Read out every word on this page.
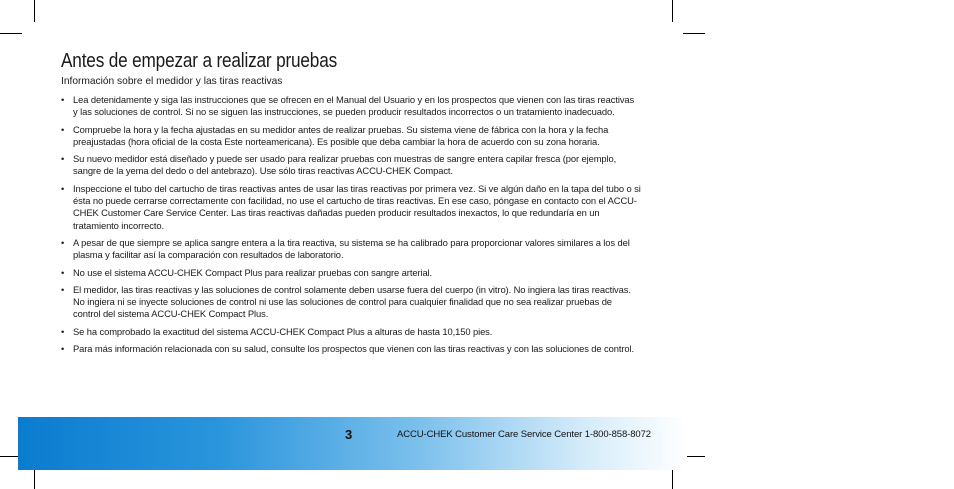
Antes de empezar a realizar pruebas
Información sobre el medidor y las tiras reactivas
• Lea detenidamente y siga las instrucciones que se ofrecen en el Manual del Usuario y en los prospectos que vienen con las tiras reactivas y las soluciones de control. Si no se siguen las instrucciones, se pueden producir resultados incorrectos o un tratamiento inadecuado.
• Compruebe la hora y la fecha ajustadas en su medidor antes de realizar pruebas. Su sistema viene de fábrica con la hora y la fecha preajustadas (hora oficial de la costa Este norteamericana). Es posible que deba cambiar la hora de acuerdo con su zona horaria.
• Su nuevo medidor está diseñado y puede ser usado para realizar pruebas con muestras de sangre entera capilar fresca (por ejemplo, sangre de la yema del dedo o del antebrazo). Use sólo tiras reactivas ACCU-CHEK Compact.
• Inspeccione el tubo del cartucho de tiras reactivas antes de usar las tiras reactivas por primera vez. Si ve algún daño en la tapa del tubo o si ésta no puede cerrarse correctamente con facilidad, no use el cartucho de tiras reactivas. En ese caso, póngase en contacto con el ACCU-CHEK Customer Care Service Center. Las tiras reactivas dañadas pueden producir resultados inexactos, lo que redundaría en un tratamiento incorrecto.
• A pesar de que siempre se aplica sangre entera a la tira reactiva, su sistema se ha calibrado para proporcionar valores similares a los del plasma y facilitar así la comparación con resultados de laboratorio.
• No use el sistema ACCU-CHEK Compact Plus para realizar pruebas con sangre arterial.
• El medidor, las tiras reactivas y las soluciones de control solamente deben usarse fuera del cuerpo (in vitro). No ingiera las tiras reactivas. No ingiera ni se inyecte soluciones de control ni use las soluciones de control para cualquier finalidad que no sea realizar pruebas de control del sistema ACCU-CHEK Compact Plus.
• Se ha comprobado la exactitud del sistema ACCU-CHEK Compact Plus a alturas de hasta 10,150 pies.
• Para más información relacionada con su salud, consulte los prospectos que vienen con las tiras reactivas y con las soluciones de control.
3	ACCU-CHEK Customer Care Service Center 1-800-858-8072
